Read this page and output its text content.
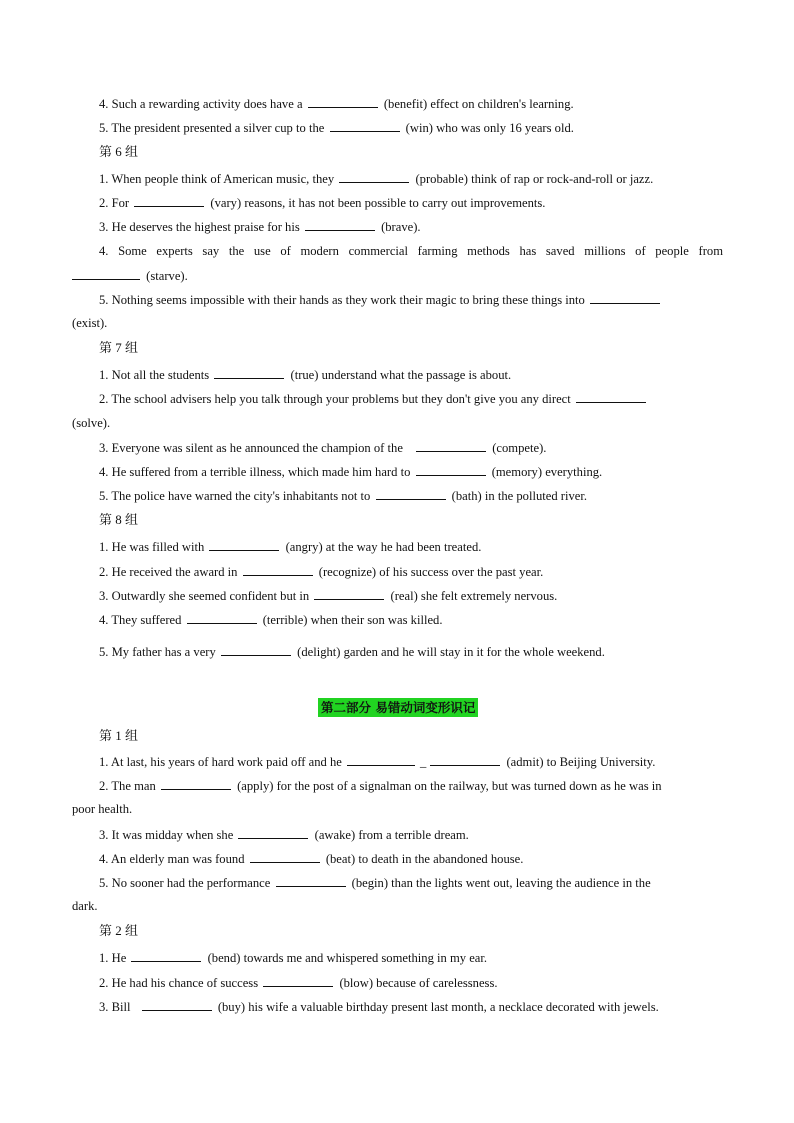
4. Such a rewarding activity does have a	(benefit) effect on children's learning.
5. The president presented a silver cup to the	(win) who was only 16 years old.
第 6 组
1. When people think of American music, they	(probable) think of rap or rock-and-roll or jazz.
2. For	(vary) reasons, it has not been possible to carry out improvements.
3. He deserves the highest praise for his	(brave).
4. Some experts say the use of modern commercial farming methods has saved millions of people from
(starve).
5. Nothing seems impossible with their hands as they work their magic to bring these things into
(exist).
第 7 组
1. Not all the students	(true) understand what the passage is about.
2. The school advisers help you talk through your problems but they don't give you any direct
(solve).
3. Everyone was silent as he announced the champion of the	(compete).
4. He suffered from a terrible illness, which made him hard to	(memory) everything.
5. The police have warned the city's inhabitants not to	(bath) in the polluted river.
第 8 组
1. He was filled with	(angry) at the way he had been treated.
2. He received the award in	(recognize) of his success over the past year.
3. Outwardly she seemed confident but in	(real) she felt extremely nervous.
4. They suffered	(terrible) when their son was killed.
5. My father has a very	(delight) garden and he will stay in it for the whole weekend.
第二部分 易错动词变形识记
第 1 组
1. At last, his years of hard work paid off and he	_	(admit) to Beijing University.
2. The man	(apply) for the post of a signalman on the railway, but was turned down as he was in
poor health.
3. It was midday when she	(awake) from a terrible dream.
4. An elderly man was found	(beat) to death in the abandoned house.
5. No sooner had the performance	(begin) than the lights went out, leaving the audience in the
dark.
第 2 组
1. He	(bend) towards me and whispered something in my ear.
2. He had his chance of success	(blow) because of carelessness.
3. Bill	(buy) his wife a valuable birthday present last month, a necklace decorated with jewels.
